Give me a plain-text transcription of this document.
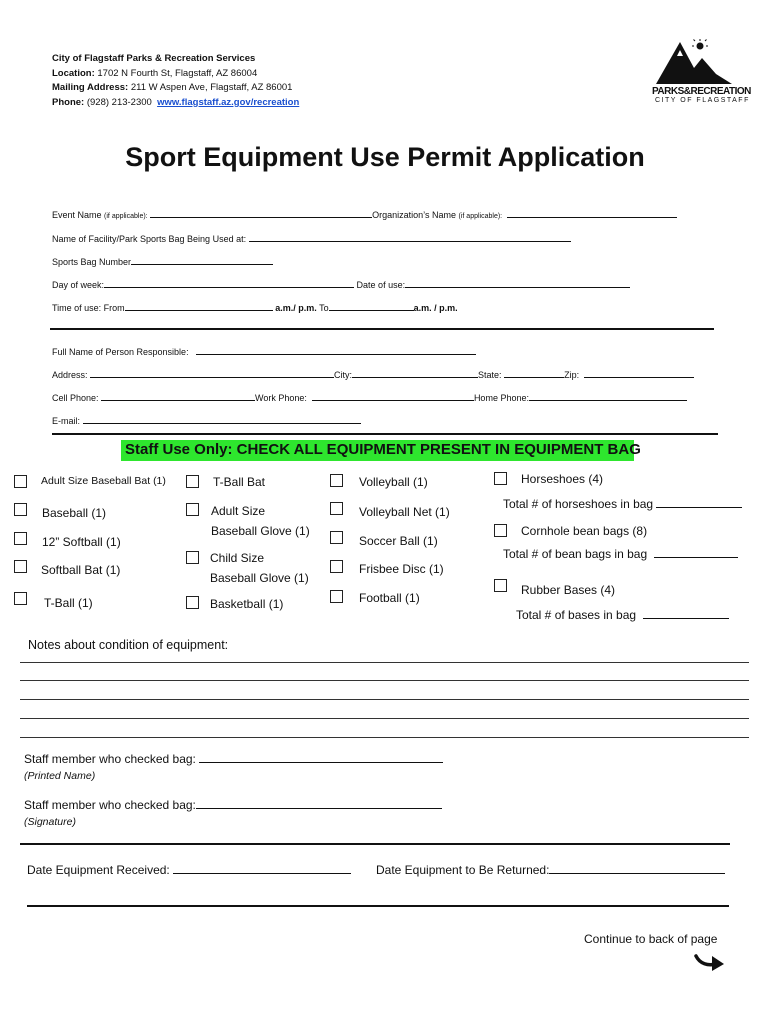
City of Flagstaff Parks & Recreation Services
Location: 1702 N Fourth St, Flagstaff, AZ 86004
Mailing Address: 211 W Aspen Ave, Flagstaff, AZ 86001
Phone: (928) 213-2300 www.flagstaff.az.gov/recreation
PARKS&RECREATION
CITY OF FLAGSTAFF
Sport Equipment Use Permit Application
Event Name (if applicable):	Organization’s Name (if applicable):
Name of Facility/Park Sports Bag Being Used at:
Sports Bag Number
Day of week:	Date of use:
Time of use: From	a.m./ p.m. To	a.m. / p.m.
Full Name of Person Responsible:
Address:	City:	State:	Zip:
Cell Phone:	Work Phone:	Home Phone:
E-mail:
Staff Use Only: CHECK ALL EQUIPMENT PRESENT IN EQUIPMENT BAG
Adult Size Baseball Bat (1)
Baseball (1)
12” Softball (1)
Softball Bat (1)
T-Ball (1)
T-Ball Bat
Adult Size
Baseball Glove (1)
Child Size
Baseball Glove (1)
Basketball (1)
Volleyball (1)
Volleyball Net (1)
Soccer Ball (1)
Frisbee Disc (1)
Football (1)
Horseshoes (4)
Total # of horseshoes in bag
Cornhole bean bags (8)
Total # of bean bags in bag
Rubber Bases (4)
Total # of bases in bag
Notes about condition of equipment:
Staff member who checked bag:
(Printed Name)
Staff member who checked bag:
(Signature)
Date Equipment Received:	Date Equipment to Be Returned:
Continue to back of page
